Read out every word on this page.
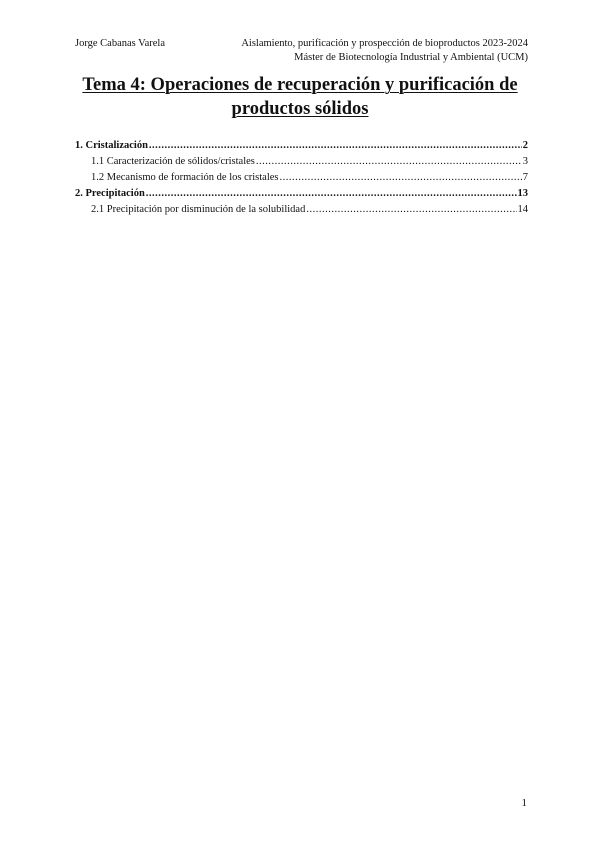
Jorge Cabanas Varela	Aislamiento, purificación y prospección de bioproductos 2023-2024
Máster de Biotecnología Industrial y Ambiental (UCM)
Tema 4: Operaciones de recuperación y purificación de
productos sólidos
1. Cristalización .....	2
1.1 Caracterización de sólidos/cristales .....	3
1.2 Mecanismo de formación de los cristales .....	7
2. Precipitación .....	13
2.1 Precipitación por disminución de la solubilidad .....	14
1
